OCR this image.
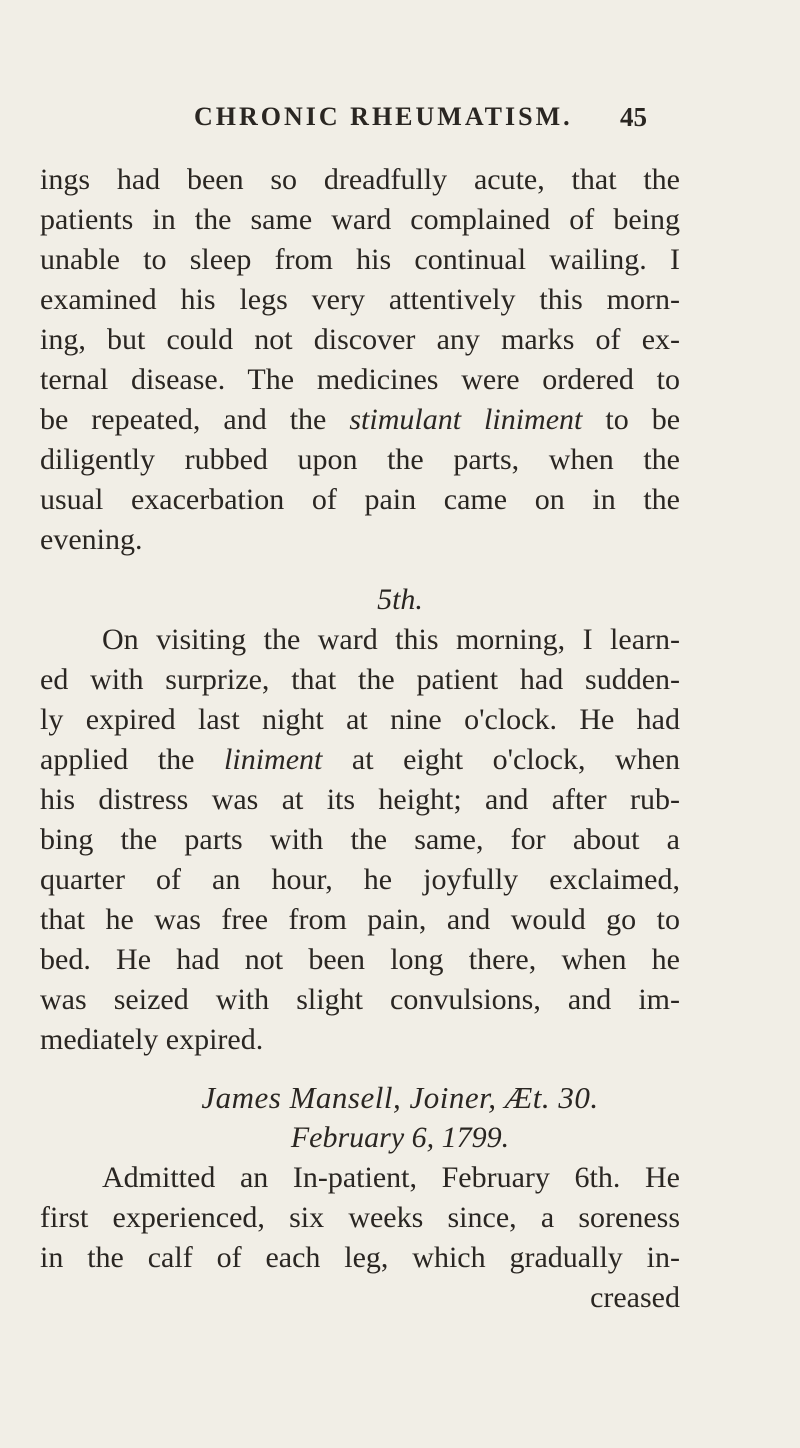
CHRONIC RHEUMATISM. 45
ings had been so dreadfully acute, that the
patients in the same ward complained of being
unable to sleep from his continual wailing. I
examined his legs very attentively this morn-
ing, but could not discover any marks of ex-
ternal disease. The medicines were ordered to
be repeated, and the stimulant liniment to be
diligently rubbed upon the parts, when the
usual exacerbation of pain came on in the
evening.
5th.
On visiting the ward this morning, I learn-
ed with surprize, that the patient had sudden-
ly expired last night at nine o'clock. He had
applied the liniment at eight o'clock, when
his distress was at its height; and after rub-
bing the parts with the same, for about a
quarter of an hour, he joyfully exclaimed,
that he was free from pain, and would go to
bed. He had not been long there, when he
was seized with slight convulsions, and im-
mediately expired.
James Mansell, Joiner, Æt. 30.
February 6, 1799.
Admitted an In-patient, February 6th. He
first experienced, six weeks since, a soreness
in the calf of each leg, which gradually in-
creased
